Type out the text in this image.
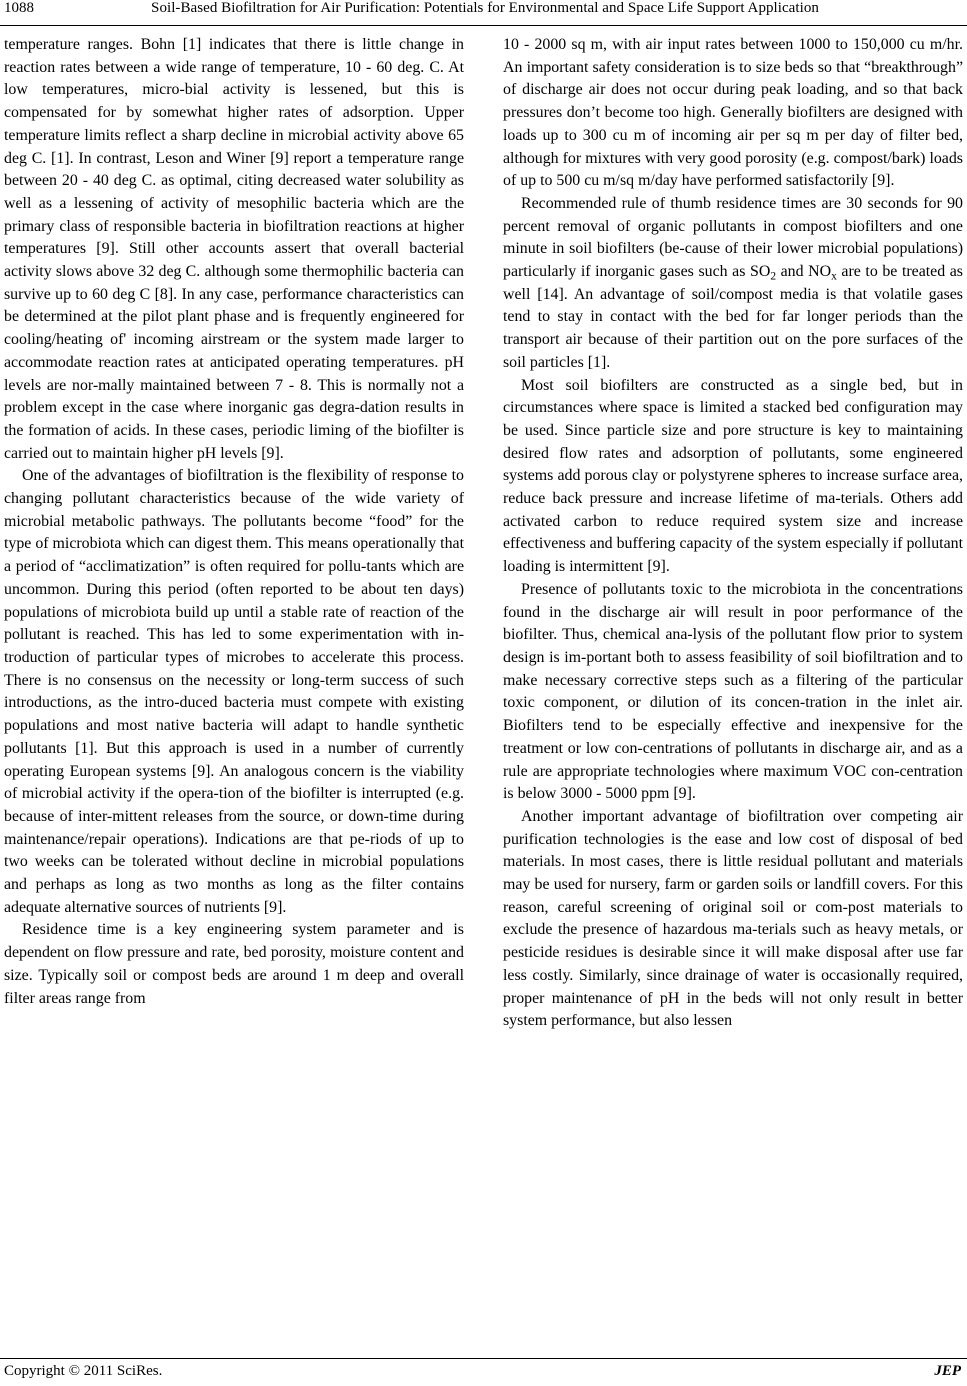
1088	Soil-Based Biofiltration for Air Purification: Potentials for Environmental and Space Life Support Application

temperature ranges. Bohn [1] indicates that there is little change in reaction rates between a wide range of temperature, 10 - 60 deg. C. At low temperatures, micro-bial activity is lessened, but this is compensated for by somewhat higher rates of adsorption. Upper temperature limits reflect a sharp decline in microbial activity above 65 deg C. [1]. In contrast, Leson and Winer [9] report a temperature range between 20 - 40 deg C. as optimal, citing decreased water solubility as well as a lessening of activity of mesophilic bacteria which are the primary class of responsible bacteria in biofiltration reactions at higher temperatures [9]. Still other accounts assert that overall bacterial activity slows above 32 deg C. although some thermophilic bacteria can survive up to 60 deg C [8]. In any case, performance characteristics can be determined at the pilot plant phase and is frequently engineered for cooling/heating of' incoming airstream or the system made larger to accommodate reaction rates at anticipated operating temperatures. pH levels are nor-mally maintained between 7 - 8. This is normally not a problem except in the case where inorganic gas degra-dation results in the formation of acids. In these cases, periodic liming of the biofilter is carried out to maintain higher pH levels [9].

One of the advantages of biofiltration is the flexibility of response to changing pollutant characteristics because of the wide variety of microbial metabolic pathways. The pollutants become “food” for the type of microbiota which can digest them. This means operationally that a period of “acclimatization” is often required for pollu-tants which are uncommon. During this period (often reported to be about ten days) populations of microbiota build up until a stable rate of reaction of the pollutant is reached. This has led to some experimentation with in-troduction of particular types of microbes to accelerate this process. There is no consensus on the necessity or long-term success of such introductions, as the intro-duced bacteria must compete with existing populations and most native bacteria will adapt to handle synthetic pollutants [1]. But this approach is used in a number of currently operating European systems [9]. An analogous concern is the viability of microbial activity if the opera-tion of the biofilter is interrupted (e.g. because of inter-mittent releases from the source, or down-time during maintenance/repair operations). Indications are that pe-riods of up to two weeks can be tolerated without decline in microbial populations and perhaps as long as two months as long as the filter contains adequate alternative sources of nutrients [9].

Residence time is a key engineering system parameter and is dependent on flow pressure and rate, bed porosity, moisture content and size. Typically soil or compost beds are around 1 m deep and overall filter areas range from

10 - 2000 sq m, with air input rates between 1000 to 150,000 cu m/hr. An important safety consideration is to size beds so that “breakthrough” of discharge air does not occur during peak loading, and so that back pressures don’t become too high. Generally biofilters are designed with loads up to 300 cu m of incoming air per sq m per day of filter bed, although for mixtures with very good porosity (e.g. compost/bark) loads of up to 500 cu m/sq m/day have performed satisfactorily [9].

Recommended rule of thumb residence times are 30 seconds for 90 percent removal of organic pollutants in compost biofilters and one minute in soil biofilters (be-cause of their lower microbial populations) particularly if inorganic gases such as $SO_2$ and $NO_x$ are to be treated as well [14]. An advantage of soil/compost media is that volatile gases tend to stay in contact with the bed for far longer periods than the transport air because of their partition out on the pore surfaces of the soil particles [1].

Most soil biofilters are constructed as a single bed, but in circumstances where space is limited a stacked bed configuration may be used. Since particle size and pore structure is key to maintaining desired flow rates and adsorption of pollutants, some engineered systems add porous clay or polystyrene spheres to increase surface area, reduce back pressure and increase lifetime of ma-terials. Others add activated carbon to reduce required system size and increase effectiveness and buffering capacity of the system especially if pollutant loading is intermittent [9].

Presence of pollutants toxic to the microbiota in the concentrations found in the discharge air will result in poor performance of the biofilter. Thus, chemical ana-lysis of the pollutant flow prior to system design is im-portant both to assess feasibility of soil biofiltration and to make necessary corrective steps such as a filtering of the particular toxic component, or dilution of its concen-tration in the inlet air. Biofilters tend to be especially effective and inexpensive for the treatment or low con-centrations of pollutants in discharge air, and as a rule are appropriate technologies where maximum VOC con-centration is below 3000 - 5000 ppm [9].

Another important advantage of biofiltration over competing air purification technologies is the ease and low cost of disposal of bed materials. In most cases, there is little residual pollutant and materials may be used for nursery, farm or garden soils or landfill covers. For this reason, careful screening of original soil or com-post materials to exclude the presence of hazardous ma-terials such as heavy metals, or pesticide residues is desirable since it will make disposal after use far less costly. Similarly, since drainage of water is occasionally required, proper maintenance of pH in the beds will not only result in better system performance, but also lessen

Copyright © 2011 SciRes.	JEP
